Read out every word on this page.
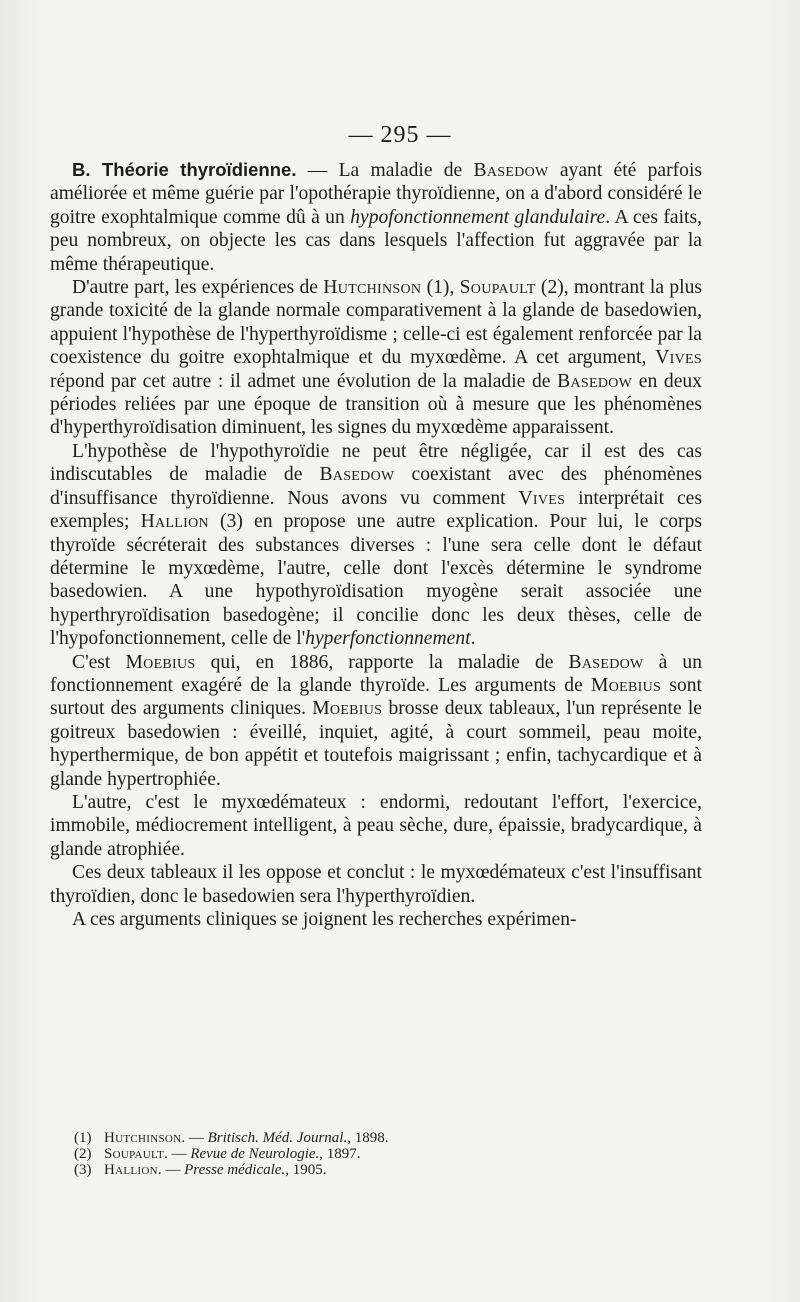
— 295 —

B. Théorie thyroïdienne. — La maladie de Basedow ayant été parfois améliorée et même guérie par l'opothérapie thyroïdienne, on a d'abord considéré le goitre exophtalmique comme dû à un hypofonctionnement glandulaire. A ces faits, peu nombreux, on objecte les cas dans lesquels l'affection fut aggravée par la même thérapeutique.

D'autre part, les expériences de Hutchinson (1), Soupault (2), montrant la plus grande toxicité de la glande normale comparativement à la glande de basedowien, appuient l'hypothèse de l'hyperthyroïdisme ; celle-ci est également renforcée par la coexistence du goitre exophtalmique et du myxœdème. A cet argument, Vives répond par cet autre : il admet une évolution de la maladie de Basedow en deux périodes reliées par une époque de transition où à mesure que les phénomènes d'hyperthyroïdisation diminuent, les signes du myxœdème apparaissent.

L'hypothèse de l'hypothyroïdie ne peut être négligée, car il est des cas indiscutables de maladie de Basedow coexistant avec des phénomènes d'insuffisance thyroïdienne. Nous avons vu comment Vives interprétait ces exemples; Hallion (3) en propose une autre explication. Pour lui, le corps thyroïde sécréterait des substances diverses : l'une sera celle dont le défaut détermine le myxœdème, l'autre, celle dont l'excès détermine le syndrome basedowien. A une hypothyroïdisation myogène serait associée une hyperthryroïdisation basedogène; il concilie donc les deux thèses, celle de l'hypofonctionnement, celle de l'hyperfonctionnement.

C'est Moebius qui, en 1886, rapporte la maladie de Basedow à un fonctionnement exagéré de la glande thyroïde. Les arguments de Moebius sont surtout des arguments cliniques. Moebius brosse deux tableaux, l'un représente le goitreux basedowien : éveillé, inquiet, agité, à court sommeil, peau moite, hyperthermique, de bon appétit et toutefois maigrissant ; enfin, tachycardique et à glande hypertrophiée.

L'autre, c'est le myxœdémateux : endormi, redoutant l'effort, l'exercice, immobile, médiocrement intelligent, à peau sèche, dure, épaissie, bradycardique, à glande atrophiée.

Ces deux tableaux il les oppose et conclut : le myxœdémateux c'est l'insuffisant thyroïdien, donc le basedowien sera l'hyperthyroïdien.

A ces arguments cliniques se joignent les recherches expérimen-

(1) Hutchinson. — Britisch. Méd. Journal., 1898.
(2) Soupault. — Revue de Neurologie., 1897.
(3) Hallion. — Presse médicale., 1905.
